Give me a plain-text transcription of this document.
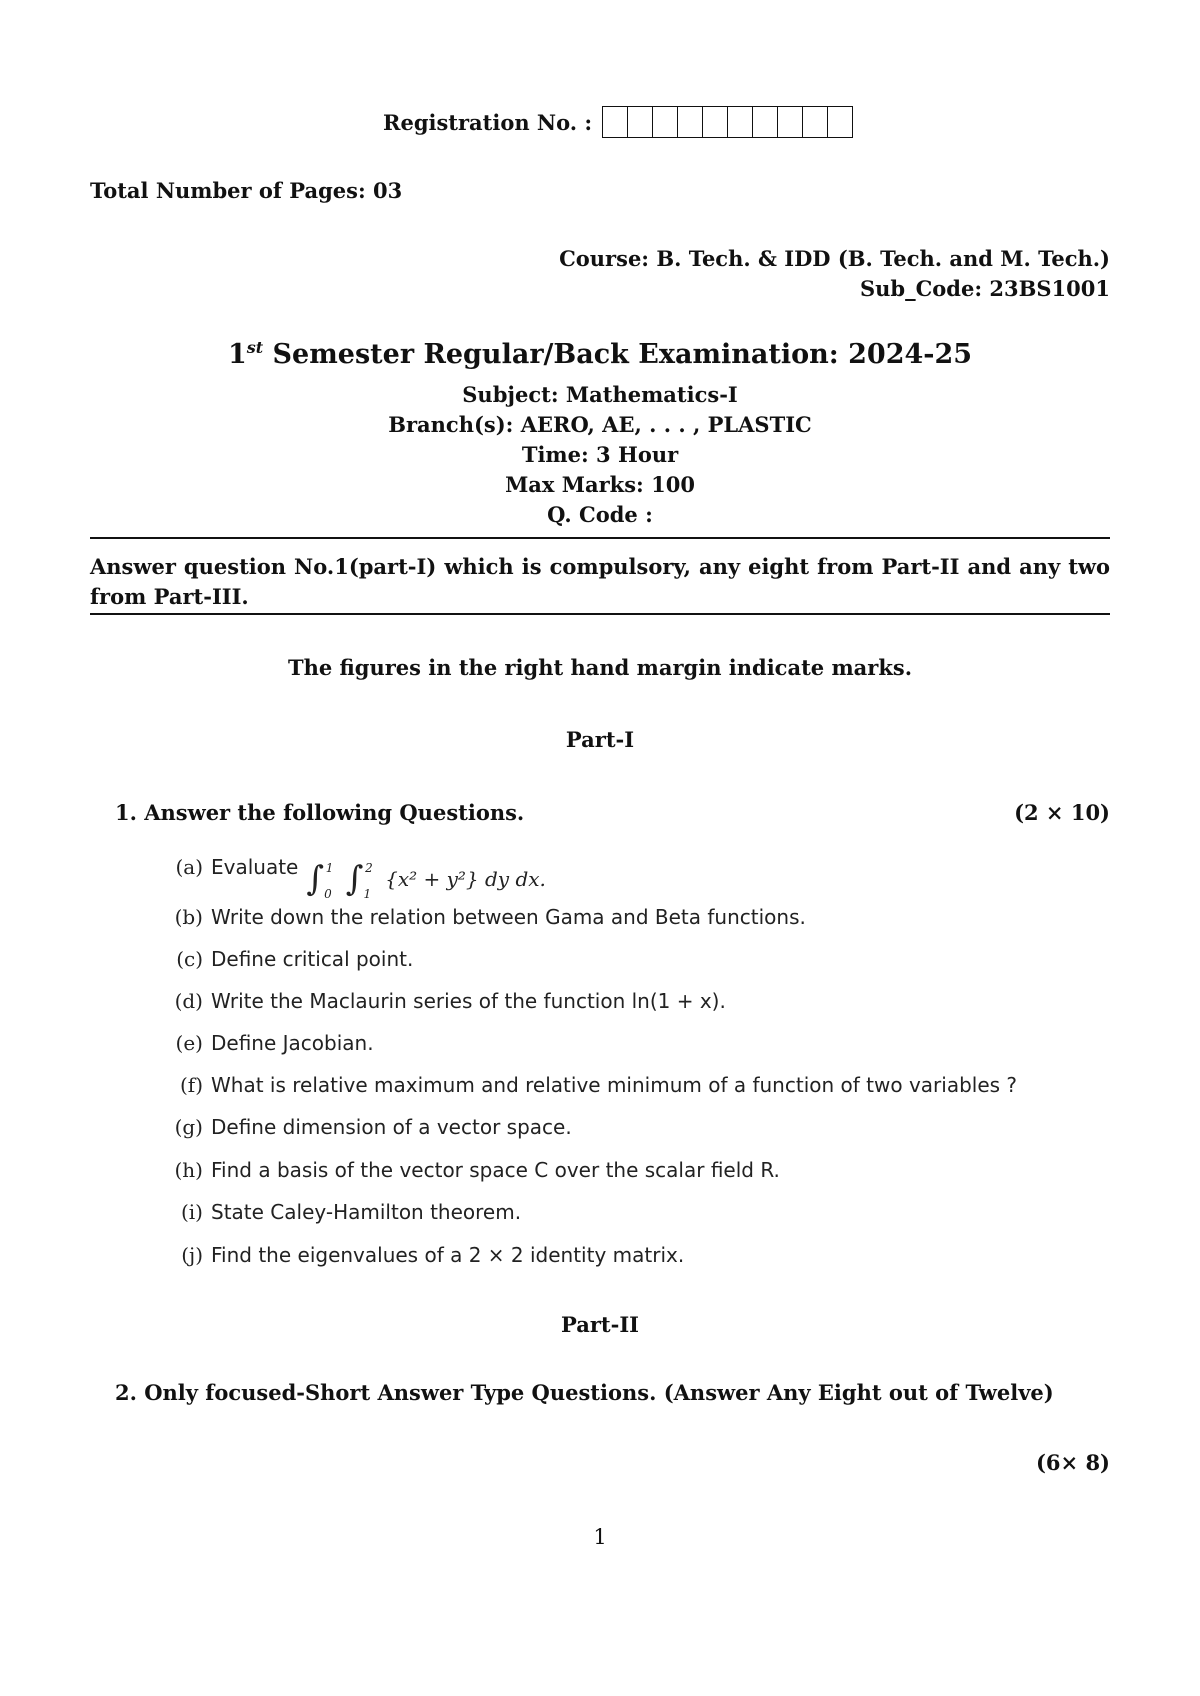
Registration No. :
Total Number of Pages: 03
Course: B. Tech. & IDD (B. Tech. and M. Tech.)
Sub_Code: 23BS1001
1st Semester Regular/Back Examination: 2024-25
Subject: Mathematics-I
Branch(s): AERO, AE, . . . , PLASTIC
Time: 3 Hour
Max Marks: 100
Q. Code :
Answer question No.1(part-I) which is compulsory, any eight from Part-II and any two from Part-III.
The figures in the right hand margin indicate marks.
Part-I
1. Answer the following Questions.	(2 × 10)
(a) Evaluate $\int_0^1$ $\int_1^2$ {x² + y²} dy dx.
(b) Write down the relation between Gama and Beta functions.
(c) Define critical point.
(d) Write the Maclaurin series of the function ln(1 + x).
(e) Define Jacobian.
(f) What is relative maximum and relative minimum of a function of two variables ?
(g) Define dimension of a vector space.
(h) Find a basis of the vector space C over the scalar field R.
(i) State Caley-Hamilton theorem.
(j) Find the eigenvalues of a 2 × 2 identity matrix.
Part-II
2. Only focused-Short Answer Type Questions. (Answer Any Eight out of Twelve)
(6× 8)
1
